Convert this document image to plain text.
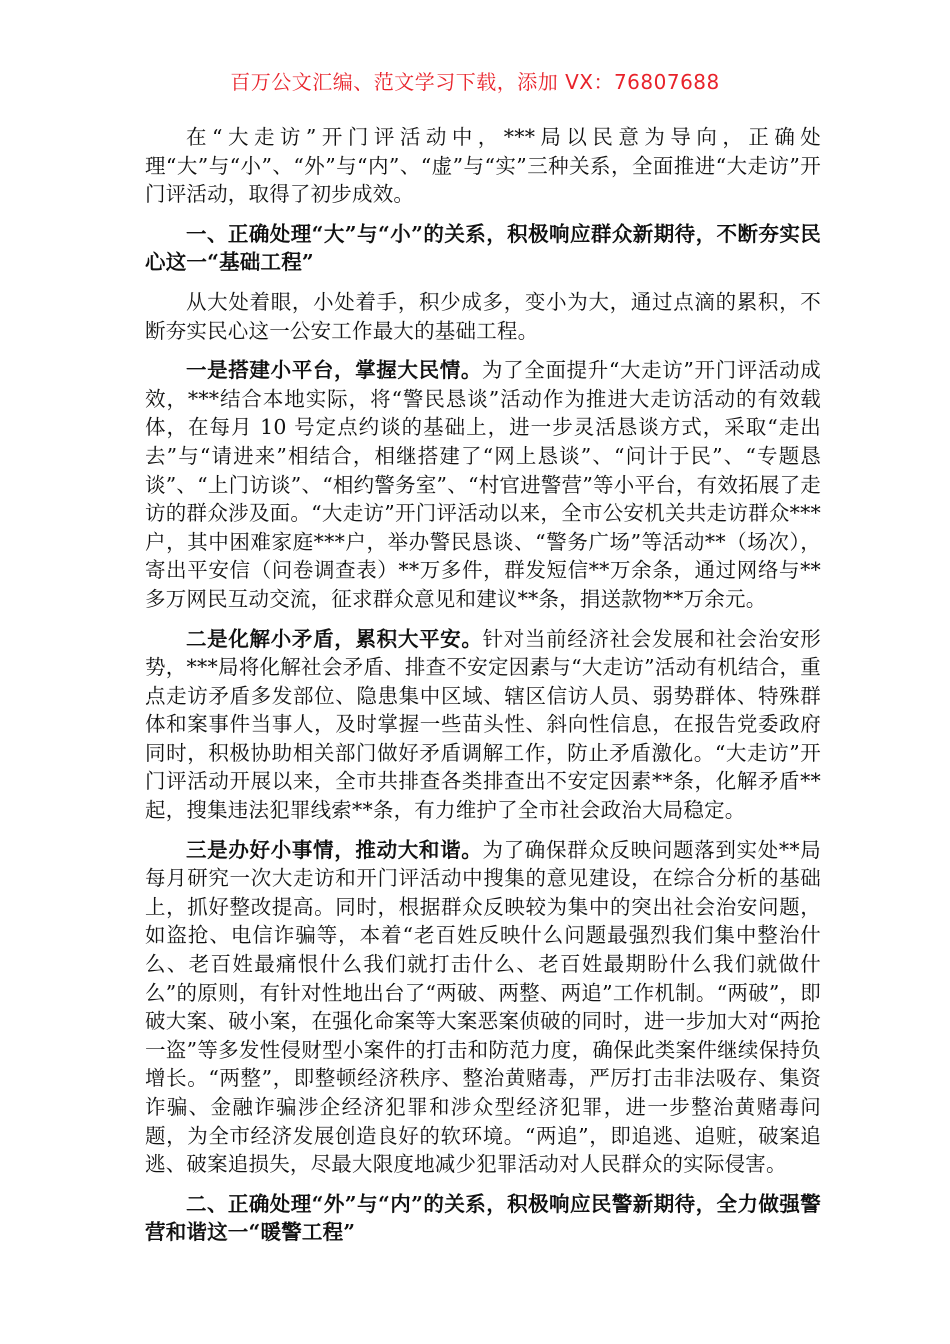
百万公文汇编、范文学习下载，添加 VX：76807688

在“大走访”开门评活动中，***局以民意为导向，正确处理“大”与“小”、“外”与“内”、“虚”与“实”三种关系，全面推进“大走访”开门评活动，取得了初步成效。

一、正确处理“大”与“小”的关系，积极响应群众新期待，不断夯实民心这一“基础工程”

从大处着眼，小处着手，积少成多，变小为大，通过点滴的累积，不断夯实民心这一公安工作最大的基础工程。

一是搭建小平台，掌握大民情。为了全面提升“大走访”开门评活动成效，***结合本地实际，将“警民恳谈”活动作为推进大走访活动的有效载体，在每月 10 号定点约谈的基础上，进一步灵活恳谈方式，采取“走出去”与“请进来”相结合，相继搭建了“网上恳谈”、“问计于民”、“专题恳谈”、“上门访谈”、“相约警务室”、“村官进警营”等小平台，有效拓展了走访的群众涉及面。“大走访”开门评活动以来，全市公安机关共走访群众***户，其中困难家庭***户，举办警民恳谈、“警务广场”等活动**（场次），寄出平安信（问卷调查表）**万多件，群发短信**万余条，通过网络与**多万网民互动交流，征求群众意见和建议**条，捐送款物**万余元。

二是化解小矛盾，累积大平安。针对当前经济社会发展和社会治安形势，***局将化解社会矛盾、排查不安定因素与“大走访”活动有机结合，重点走访矛盾多发部位、隐患集中区域、辖区信访人员、弱势群体、特殊群体和案事件当事人，及时掌握一些苗头性、斜向性信息，在报告党委政府同时，积极协助相关部门做好矛盾调解工作，防止矛盾激化。“大走访”开门评活动开展以来，全市共排查各类排查出不安定因素**条，化解矛盾**起，搜集违法犯罪线索**条，有力维护了全市社会政治大局稳定。

三是办好小事情，推动大和谐。为了确保群众反映问题落到实处**局每月研究一次大走访和开门评活动中搜集的意见建设，在综合分析的基础上，抓好整改提高。同时，根据群众反映较为集中的突出社会治安问题，如盗抢、电信诈骗等，本着“老百姓反映什么问题最强烈我们集中整治什么、老百姓最痛恨什么我们就打击什么、老百姓最期盼什么我们就做什么”的原则，有针对性地出台了“两破、两整、两追”工作机制。“两破”，即破大案、破小案，在强化命案等大案恶案侦破的同时，进一步加大对“两抢一盗”等多发性侵财型小案件的打击和防范力度，确保此类案件继续保持负增长。“两整”，即整顿经济秩序、整治黄赌毒，严厉打击非法吸存、集资诈骗、金融诈骗涉企经济犯罪和涉众型经济犯罪，进一步整治黄赌毒问题，为全市经济发展创造良好的软环境。“两追”，即追逃、追赃，破案追逃、破案追损失，尽最大限度地减少犯罪活动对人民群众的实际侵害。

二、正确处理“外”与“内”的关系，积极响应民警新期待，全力做强警营和谐这一“暖警工程”
